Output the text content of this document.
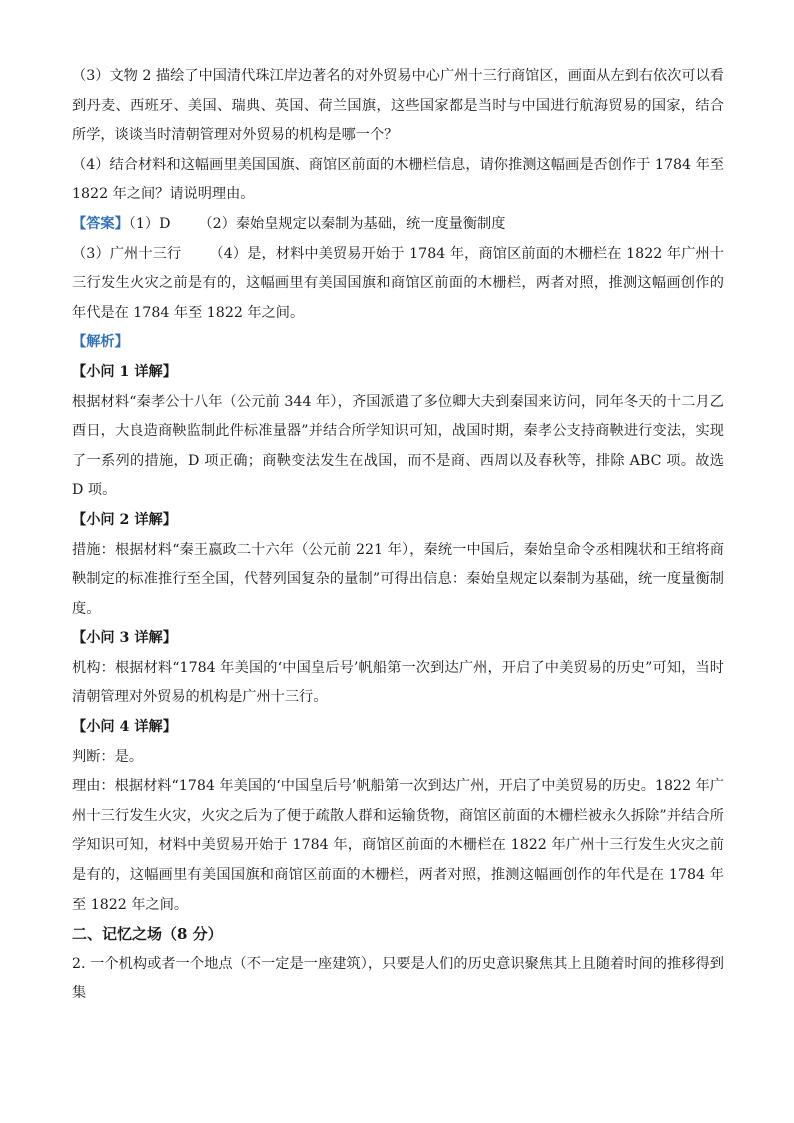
（3）文物 2 描绘了中国清代珠江岸边著名的对外贸易中心广州十三行商馆区，画面从左到右依次可以看到丹麦、西班牙、美国、瑞典、英国、荷兰国旗，这些国家都是当时与中国进行航海贸易的国家，结合所学，谈谈当时清朝管理对外贸易的机构是哪一个？

（4）结合材料和这幅画里美国国旗、商馆区前面的木栅栏信息，请你推测这幅画是否创作于 1784 年至 1822 年之间？请说明理由。

【答案】（1）D （2）秦始皇规定以秦制为基础，统一度量衡制度

（3）广州十三行 （4）是，材料中美贸易开始于 1784 年，商馆区前面的木栅栏在 1822 年广州十三行发生火灾之前是有的，这幅画里有美国国旗和商馆区前面的木栅栏，两者对照，推测这幅画创作的年代是在 1784 年至 1822 年之间。

【解析】

【小问 1 详解】

根据材料“秦孝公十八年（公元前 344 年），齐国派遣了多位卿大夫到秦国来访问，同年冬天的十二月乙酉日，大良造商鞅监制此件标准量器”并结合所学知识可知，战国时期，秦孝公支持商鞅进行变法，实现了一系列的措施，D 项正确；商鞅变法发生在战国，而不是商、西周以及春秋等，排除 ABC 项。故选 D 项。

【小问 2 详解】

措施：根据材料“秦王嬴政二十六年（公元前 221 年），秦统一中国后，秦始皇命令丞相隗状和王绾将商鞅制定的标准推行至全国，代替列国复杂的量制”可得出信息：秦始皇规定以秦制为基础，统一度量衡制度。

【小问 3 详解】

机构：根据材料“1784 年美国的‘中国皇后号’帆船第一次到达广州，开启了中美贸易的历史”可知，当时清朝管理对外贸易的机构是广州十三行。

【小问 4 详解】

判断：是。

理由：根据材料“1784 年美国的‘中国皇后号’帆船第一次到达广州，开启了中美贸易的历史。1822 年广州十三行发生火灾，火灾之后为了便于疏散人群和运输货物，商馆区前面的木栅栏被永久拆除”并结合所学知识可知，材料中美贸易开始于 1784 年，商馆区前面的木栅栏在 1822 年广州十三行发生火灾之前是有的，这幅画里有美国国旗和商馆区前面的木栅栏，两者对照，推测这幅画创作的年代是在 1784 年至 1822 年之间。

二、记忆之场（8 分）

2. 一个机构或者一个地点（不一定是一座建筑），只要是人们的历史意识聚焦其上且随着时间的推移得到集
